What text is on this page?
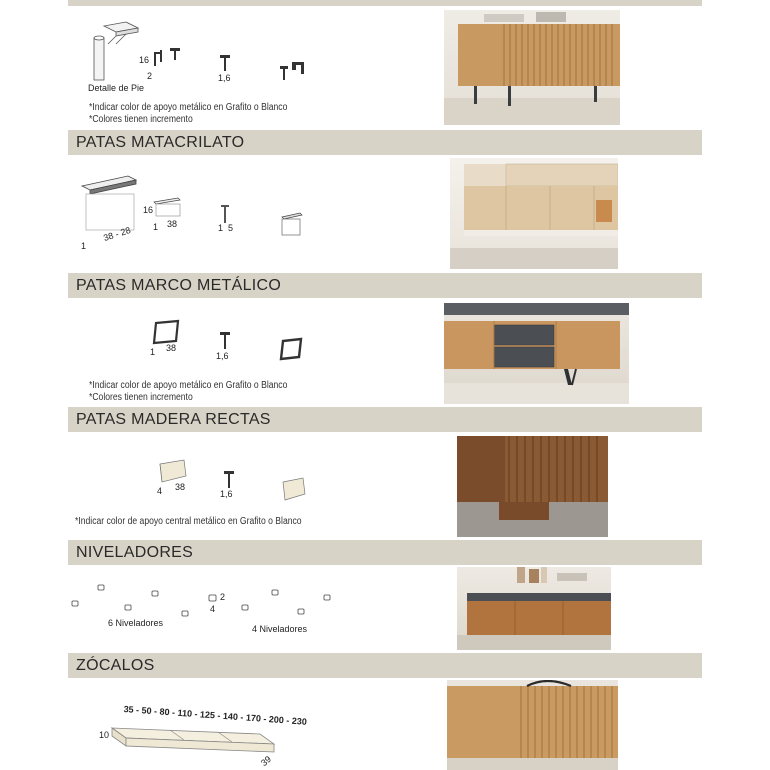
Detalle de Pie
16
2	1,6
*Indicar color de apoyo metálico en Grafito o Blanco
*Colores tienen incremento
PATAS MATACRILATO
1
38 - 28
16
1 38	1 5
PATAS MARCO METÁLICO
1 38
1,6
*Indicar color de apoyo metálico en Grafito o Blanco
*Colores tienen incremento
PATAS MADERA RECTAS
4 38
1,6
*Indicar color de apoyo central metálico en Grafito o Blanco
NIVELADORES
6 Niveladores
2
4
4 Niveladores
ZÓCALOS
35 - 50 - 80 - 110 - 125 - 140 - 170 - 200 - 230
10
39
